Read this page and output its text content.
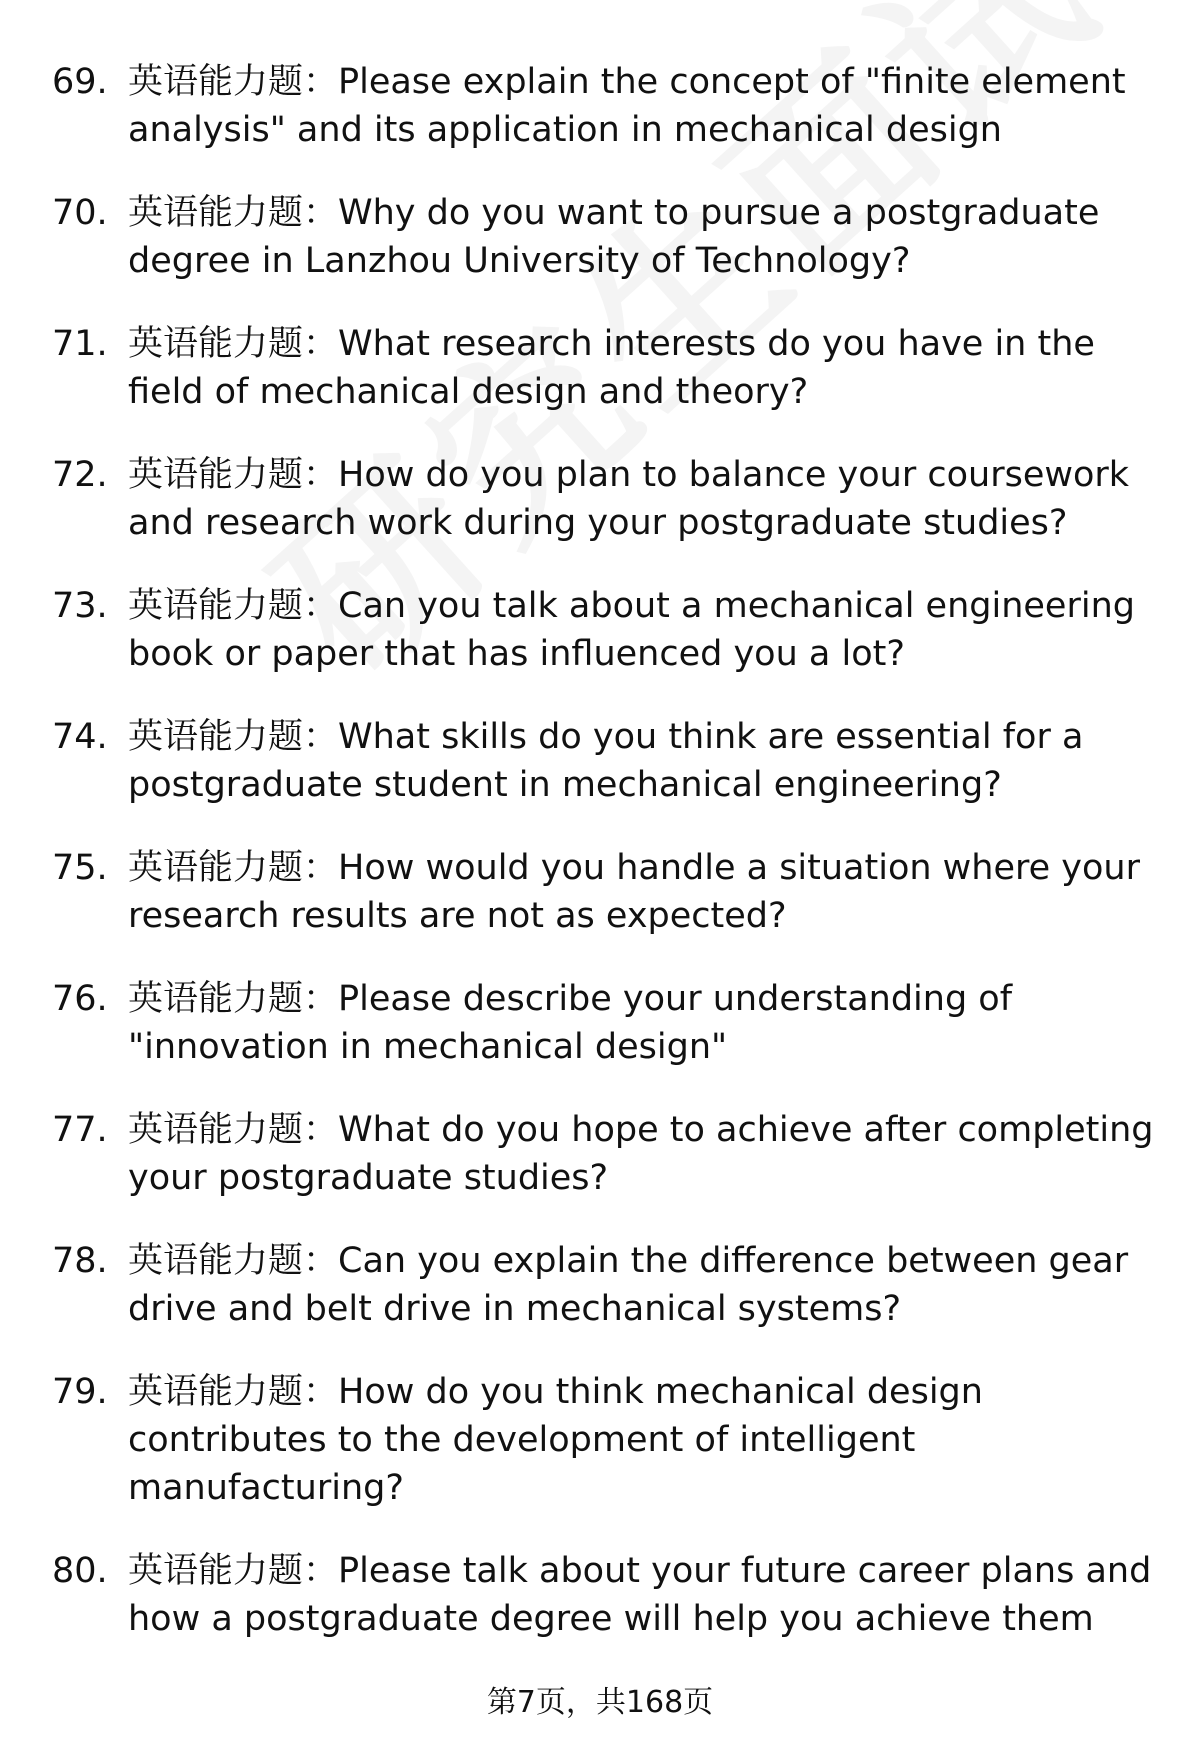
69. 英语能力题：Please explain the concept of "finite element analysis" and its application in mechanical design
70. 英语能力题：Why do you want to pursue a postgraduate degree in Lanzhou University of Technology?
71. 英语能力题：What research interests do you have in the field of mechanical design and theory?
72. 英语能力题：How do you plan to balance your coursework and research work during your postgraduate studies?
73. 英语能力题：Can you talk about a mechanical engineering book or paper that has influenced you a lot?
74. 英语能力题：What skills do you think are essential for a postgraduate student in mechanical engineering?
75. 英语能力题：How would you handle a situation where your research results are not as expected?
76. 英语能力题：Please describe your understanding of "innovation in mechanical design"
77. 英语能力题：What do you hope to achieve after completing your postgraduate studies?
78. 英语能力题：Can you explain the difference between gear drive and belt drive in mechanical systems?
79. 英语能力题：How do you think mechanical design contributes to the development of intelligent manufacturing?
80. 英语能力题：Please talk about your future career plans and how a postgraduate degree will help you achieve them
第7页，共168页
